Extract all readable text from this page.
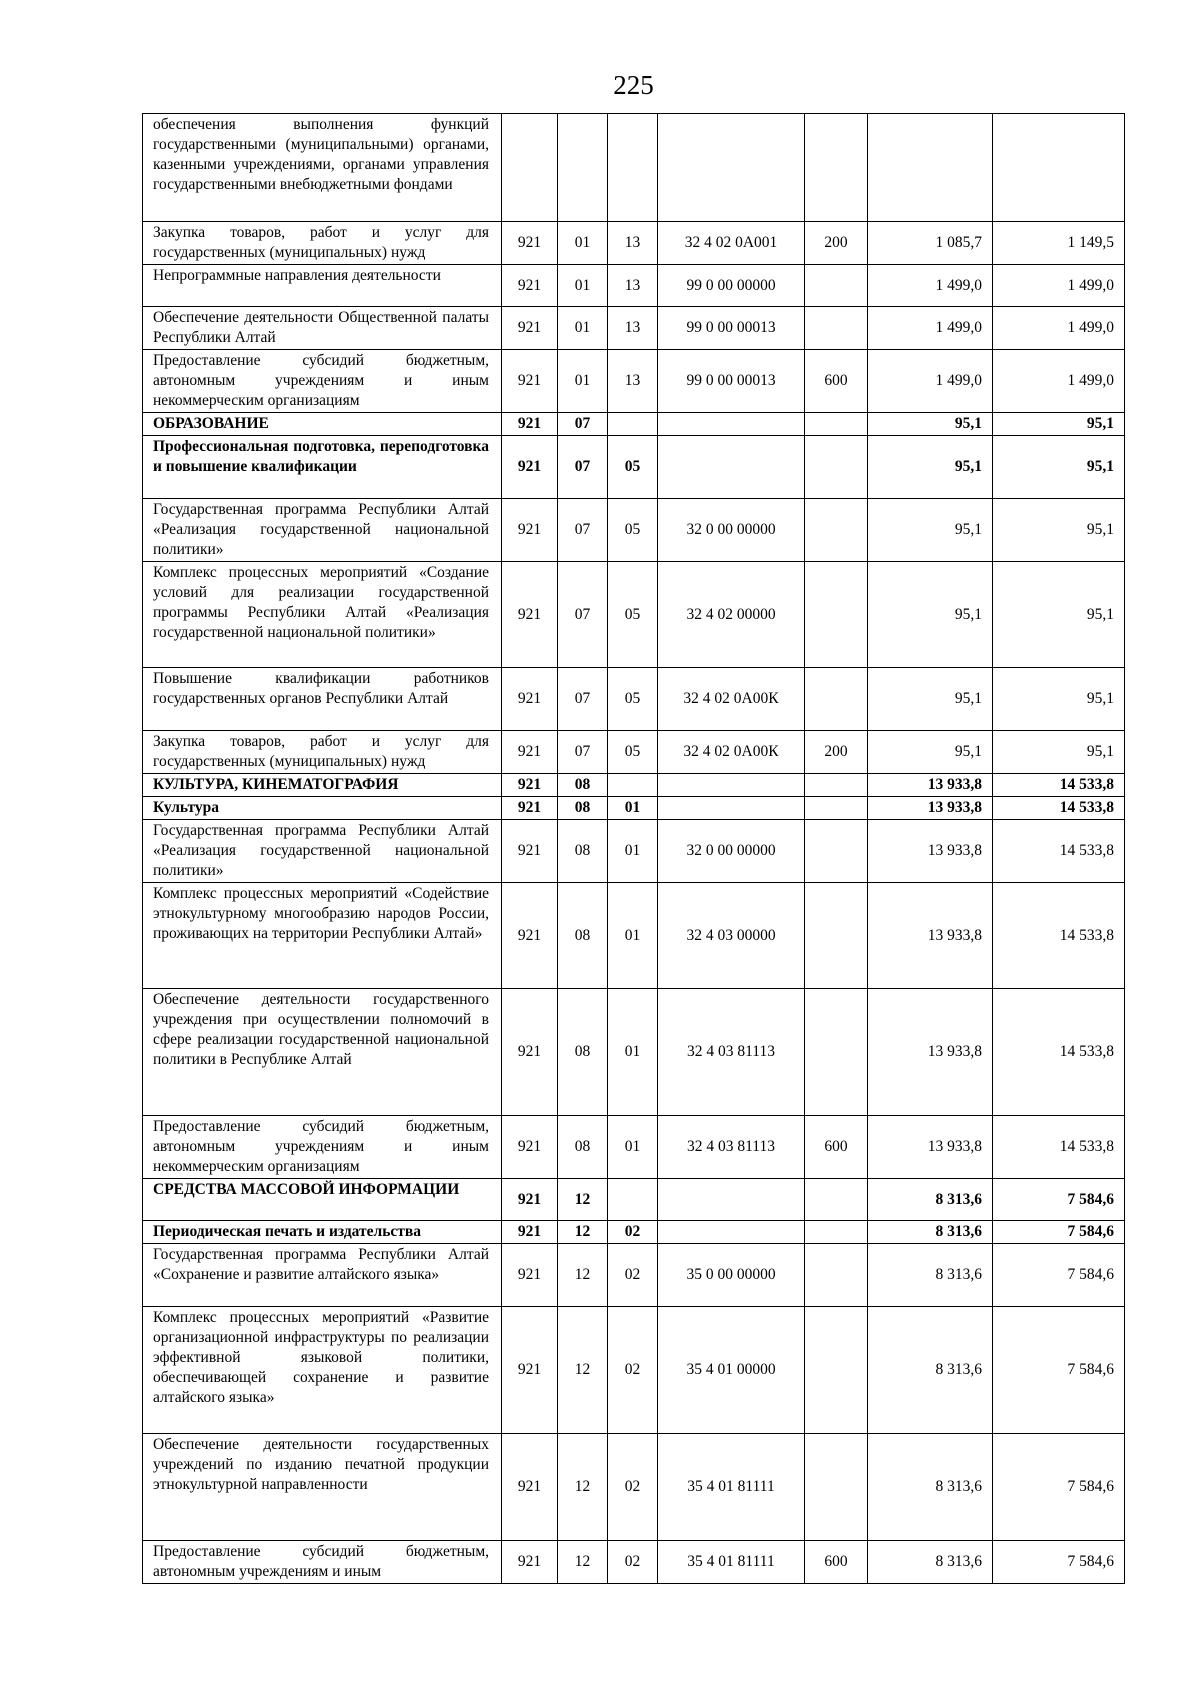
225
обеспечения выполнения функций государственными (муниципальными) органами, казенными учреждениями, органами управления государственными внебюджетными фондами							
Закупка товаров, работ и услуг для государственных (муниципальных) нужд	921	01	13	32 4 02 0А001	200	1 085,7	1 149,5
Непрограммные направления деятельности	921	01	13	99 0 00 00000		1 499,0	1 499,0
Обеспечение деятельности Общественной палаты Республики Алтай	921	01	13	99 0 00 00013		1 499,0	1 499,0
Предоставление субсидий бюджетным, автономным учреждениям и иным некоммерческим организациям	921	01	13	99 0 00 00013	600	1 499,0	1 499,0
ОБРАЗОВАНИЕ	921	07				95,1	95,1
Профессиональная подготовка, переподготовка и повышение квалификации	921	07	05			95,1	95,1
Государственная программа Республики Алтай «Реализация государственной национальной политики»	921	07	05	32 0 00 00000		95,1	95,1
Комплекс процессных мероприятий «Создание условий для реализации государственной программы Республики Алтай «Реализация государственной национальной политики»	921	07	05	32 4 02 00000		95,1	95,1
Повышение квалификации работников государственных органов Республики Алтай	921	07	05	32 4 02 0А00К		95,1	95,1
Закупка товаров, работ и услуг для государственных (муниципальных) нужд	921	07	05	32 4 02 0А00К	200	95,1	95,1
КУЛЬТУРА, КИНЕМАТОГРАФИЯ	921	08				13 933,8	14 533,8
Культура	921	08	01			13 933,8	14 533,8
Государственная программа Республики Алтай «Реализация государственной национальной политики»	921	08	01	32 0 00 00000		13 933,8	14 533,8
Комплекс процессных мероприятий «Содействие этнокультурному многообразию народов России, проживающих на территории Республики Алтай»	921	08	01	32 4 03 00000		13 933,8	14 533,8
Обеспечение деятельности государственного учреждения при осуществлении полномочий в сфере реализации государственной национальной политики в Республике Алтай	921	08	01	32 4 03 81113		13 933,8	14 533,8
Предоставление субсидий бюджетным, автономным учреждениям и иным некоммерческим организациям	921	08	01	32 4 03 81113	600	13 933,8	14 533,8
СРЕДСТВА МАССОВОЙ ИНФОРМАЦИИ	921	12				8 313,6	7 584,6
Периодическая печать и издательства	921	12	02			8 313,6	7 584,6
Государственная программа Республики Алтай «Сохранение и развитие алтайского языка»	921	12	02	35 0 00 00000		8 313,6	7 584,6
Комплекс процессных мероприятий «Развитие организационной инфраструктуры по реализации эффективной языковой политики, обеспечивающей сохранение и развитие алтайского языка»	921	12	02	35 4 01 00000		8 313,6	7 584,6
Обеспечение деятельности государственных учреждений по изданию печатной продукции этнокультурной направленности	921	12	02	35 4 01 81111		8 313,6	7 584,6
Предоставление субсидий бюджетным, автономным учреждениям и иным	921	12	02	35 4 01 81111	600	8 313,6	7 584,6
